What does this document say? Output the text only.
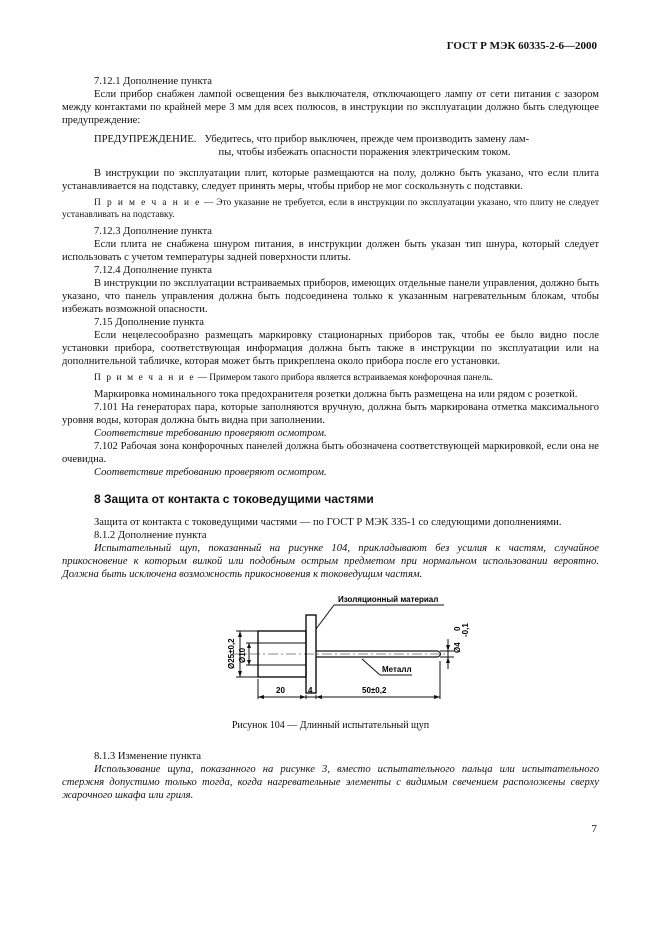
ГОСТ Р МЭК 60335-2-6—2000

7.12.1 Дополнение пункта

Если прибор снабжен лампой освещения без выключателя, отключающего лампу от сети питания с зазором между контактами по крайней мере 3 мм для всех полюсов, в инструкции по эксплуатации должно быть следующее предупреждение:

ПРЕДУПРЕЖДЕНИЕ. Убедитесь, что прибор выключен, прежде чем производить замену лам-
пы, чтобы избежать опасности поражения электрическим током.

В инструкции по эксплуатации плит, которые размещаются на полу, должно быть указано, что если плита устанавливается на подставку, следует принять меры, чтобы прибор не мог соскользнуть с подставки.

П р и м е ч а н и е — Это указание не требуется, если в инструкции по эксплуатации указано, что плиту не следует устанавливать на подставку.

7.12.3 Дополнение пункта

Если плита не снабжена шнуром питания, в инструкции должен быть указан тип шнура, который следует использовать с учетом температуры задней поверхности плиты.

7.12.4 Дополнение пункта

В инструкции по эксплуатации встраиваемых приборов, имеющих отдельные панели управления, должно быть указано, что панель управления должна быть подсоединена только к указанным нагревательным блокам, чтобы избежать возможной опасности.

7.15 Дополнение пункта

Если нецелесообразно размещать маркировку стационарных приборов так, чтобы ее было видно после установки прибора, соответствующая информация должна быть также в инструкции по эксплуатации или на дополнительной табличке, которая может быть прикреплена около прибора после его установки.

П р и м е ч а н и е — Примером такого прибора является встраиваемая конфорочная панель.

Маркировка номинального тока предохранителя розетки должна быть размещена на или рядом с розеткой.

7.101 На генераторах пара, которые заполняются вручную, должна быть маркирована отметка максимального уровня воды, которая должна быть видна при заполнении.

Соответствие требованию проверяют осмотром.

7.102 Рабочая зона конфорочных панелей должна быть обозначена соответствующей маркировкой, если она не очевидна.

Соответствие требованию проверяют осмотром.

8 Защита от контакта с токоведущими частями

Защита от контакта с токоведущими частями — по ГОСТ Р МЭК 335-1 со следующими дополнениями.

8.1.2 Дополнение пункта

Испытательный щуп, показанный на рисунке 104, прикладывают без усилия к частям, случайное прикосновение к которым вилкой или подобным острым предметом при нормальном использовании вероятно. Должна быть исключена возможность прикосновения к токоведущим частям.

Изоляционный материал
Металл
Ø25±0,2 Ø10
Ø4
0 -0,1
20	4	50±0,2
Рисунок 104 — Длинный испытательный щуп

8.1.3 Изменение пункта

Использование щупа, показанного на рисунке 3, вместо испытательного пальца или испытательного стержня допустимо только тогда, когда нагревательные элементы с видимым свечением расположены сверху жарочного шкафа или гриля.

7
